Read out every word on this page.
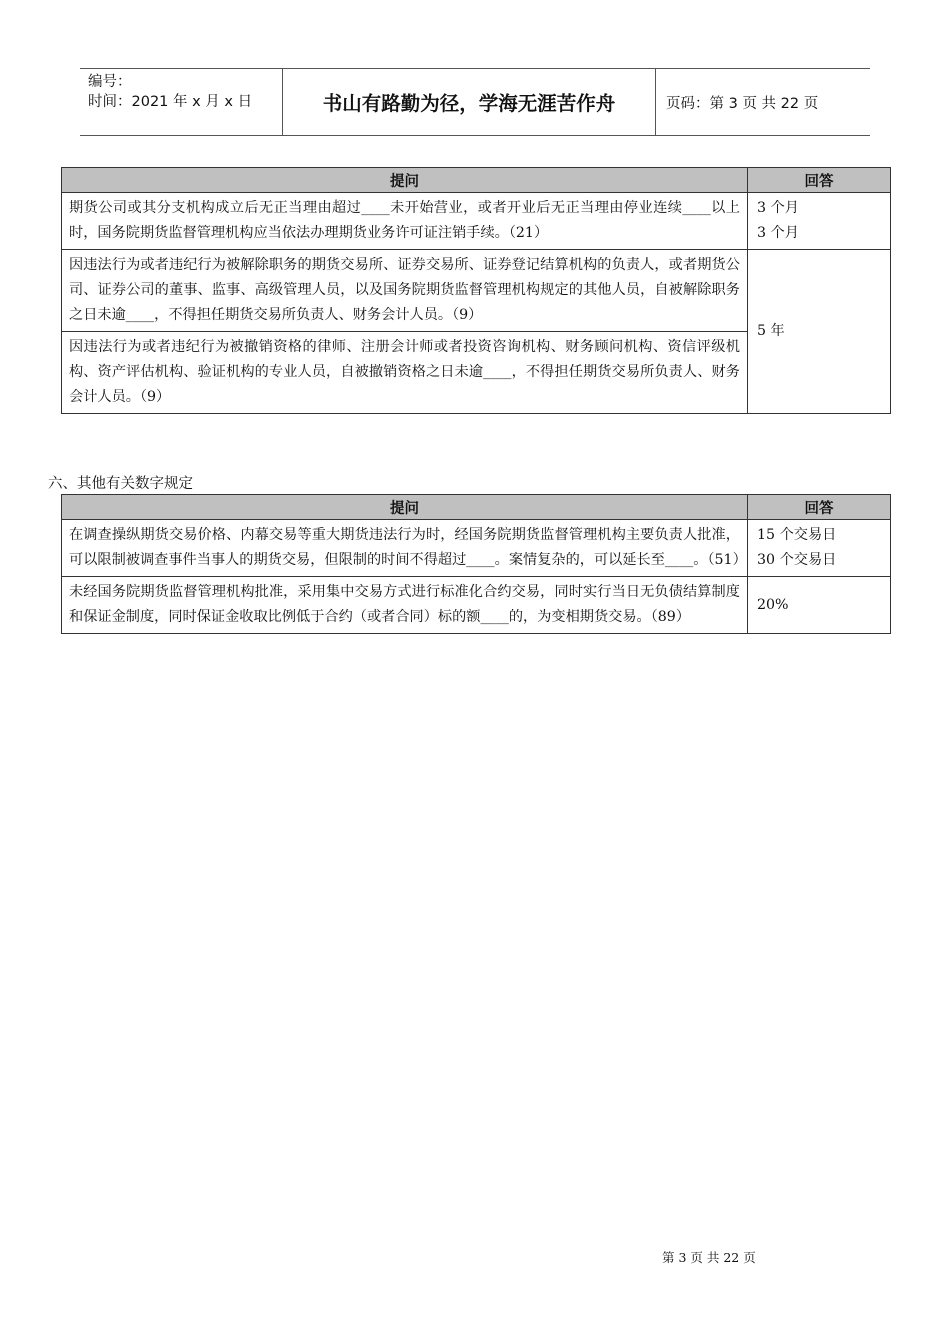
编号：
时间：2021 年 x 月 x 日	书山有路勤为径，学海无涯苦作舟	页码：第 3 页 共 22 页
提问	回答
期货公司或其分支机构成立后无正当理由超过____未开始营业，或者开业后无正当理由停业连续____以上时，国务院期货监督管理机构应当依法办理期货业务许可证注销手续。（21）	3 个月
3 个月

因违法行为或者违纪行为被解除职务的期货交易所、证券交易所、证券登记结算机构的负责人，或者期货公司、证券公司的董事、监事、高级管理人员，以及国务院期货监督管理机构规定的其他人员，自被解除职务之日未逾____，不得担任期货交易所负责人、财务会计人员。（9）	5 年
因违法行为或者违纪行为被撤销资格的律师、注册会计师或者投资咨询机构、财务顾问机构、资信评级机构、资产评估机构、验证机构的专业人员，自被撤销资格之日未逾____，不得担任期货交易所负责人、财务会计人员。（9）	
六、其他有关数字规定
提问	回答
在调查操纵期货交易价格、内幕交易等重大期货违法行为时，经国务院期货监督管理机构主要负责人批准，可以限制被调查事件当事人的期货交易，但限制的时间不得超过____。案情复杂的，可以延长至____。（51）	15 个交易日
30 个交易日

未经国务院期货监督管理机构批准，采用集中交易方式进行标准化合约交易，同时实行当日无负债结算制度和保证金制度，同时保证金收取比例低于合约（或者合同）标的额____的，为变相期货交易。（89）	20%
第 3 页 共 22 页
